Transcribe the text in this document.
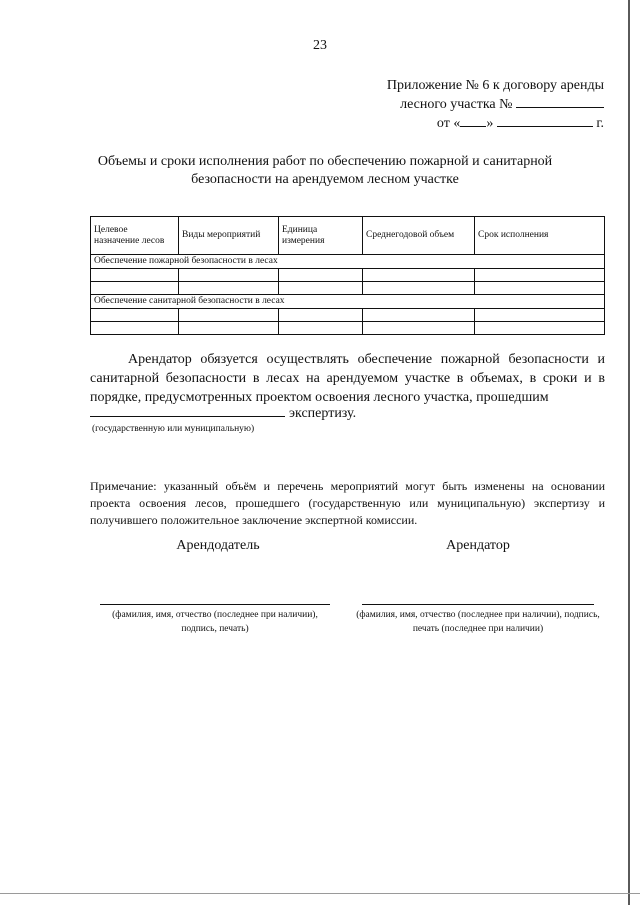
23
Приложение № 6 к договору аренды
лесного участка №
от « »	г.
Объемы и сроки исполнения работ по обеспечению пожарной и санитарной безопасности на арендуемом лесном участке
Целевое назначение лесов	Виды мероприятий	Единица измерения	Среднегодовой объем	Срок исполнения
Обеспечение пожарной безопасности в лесах				

Обеспечение санитарной безопасности в лесах				

Арендатор обязуется осуществлять обеспечение пожарной безопасности и санитарной безопасности в лесах на арендуемом участке в объемах, в сроки и в порядке, предусмотренных проектом освоения лесного участка, прошедшим
экспертизу.
(государственную или муниципальную)
Примечание: указанный объём и перечень мероприятий могут быть изменены на основании проекта освоения лесов, прошедшего (государственную или муниципальную) экспертизу и получившего положительное заключение экспертной комиссии.
Арендодатель	Арендатор
(фамилия, имя, отчество (последнее при наличии), подпись, печать)
(фамилия, имя, отчество (последнее при наличии), подпись, печать (последнее при наличии)
